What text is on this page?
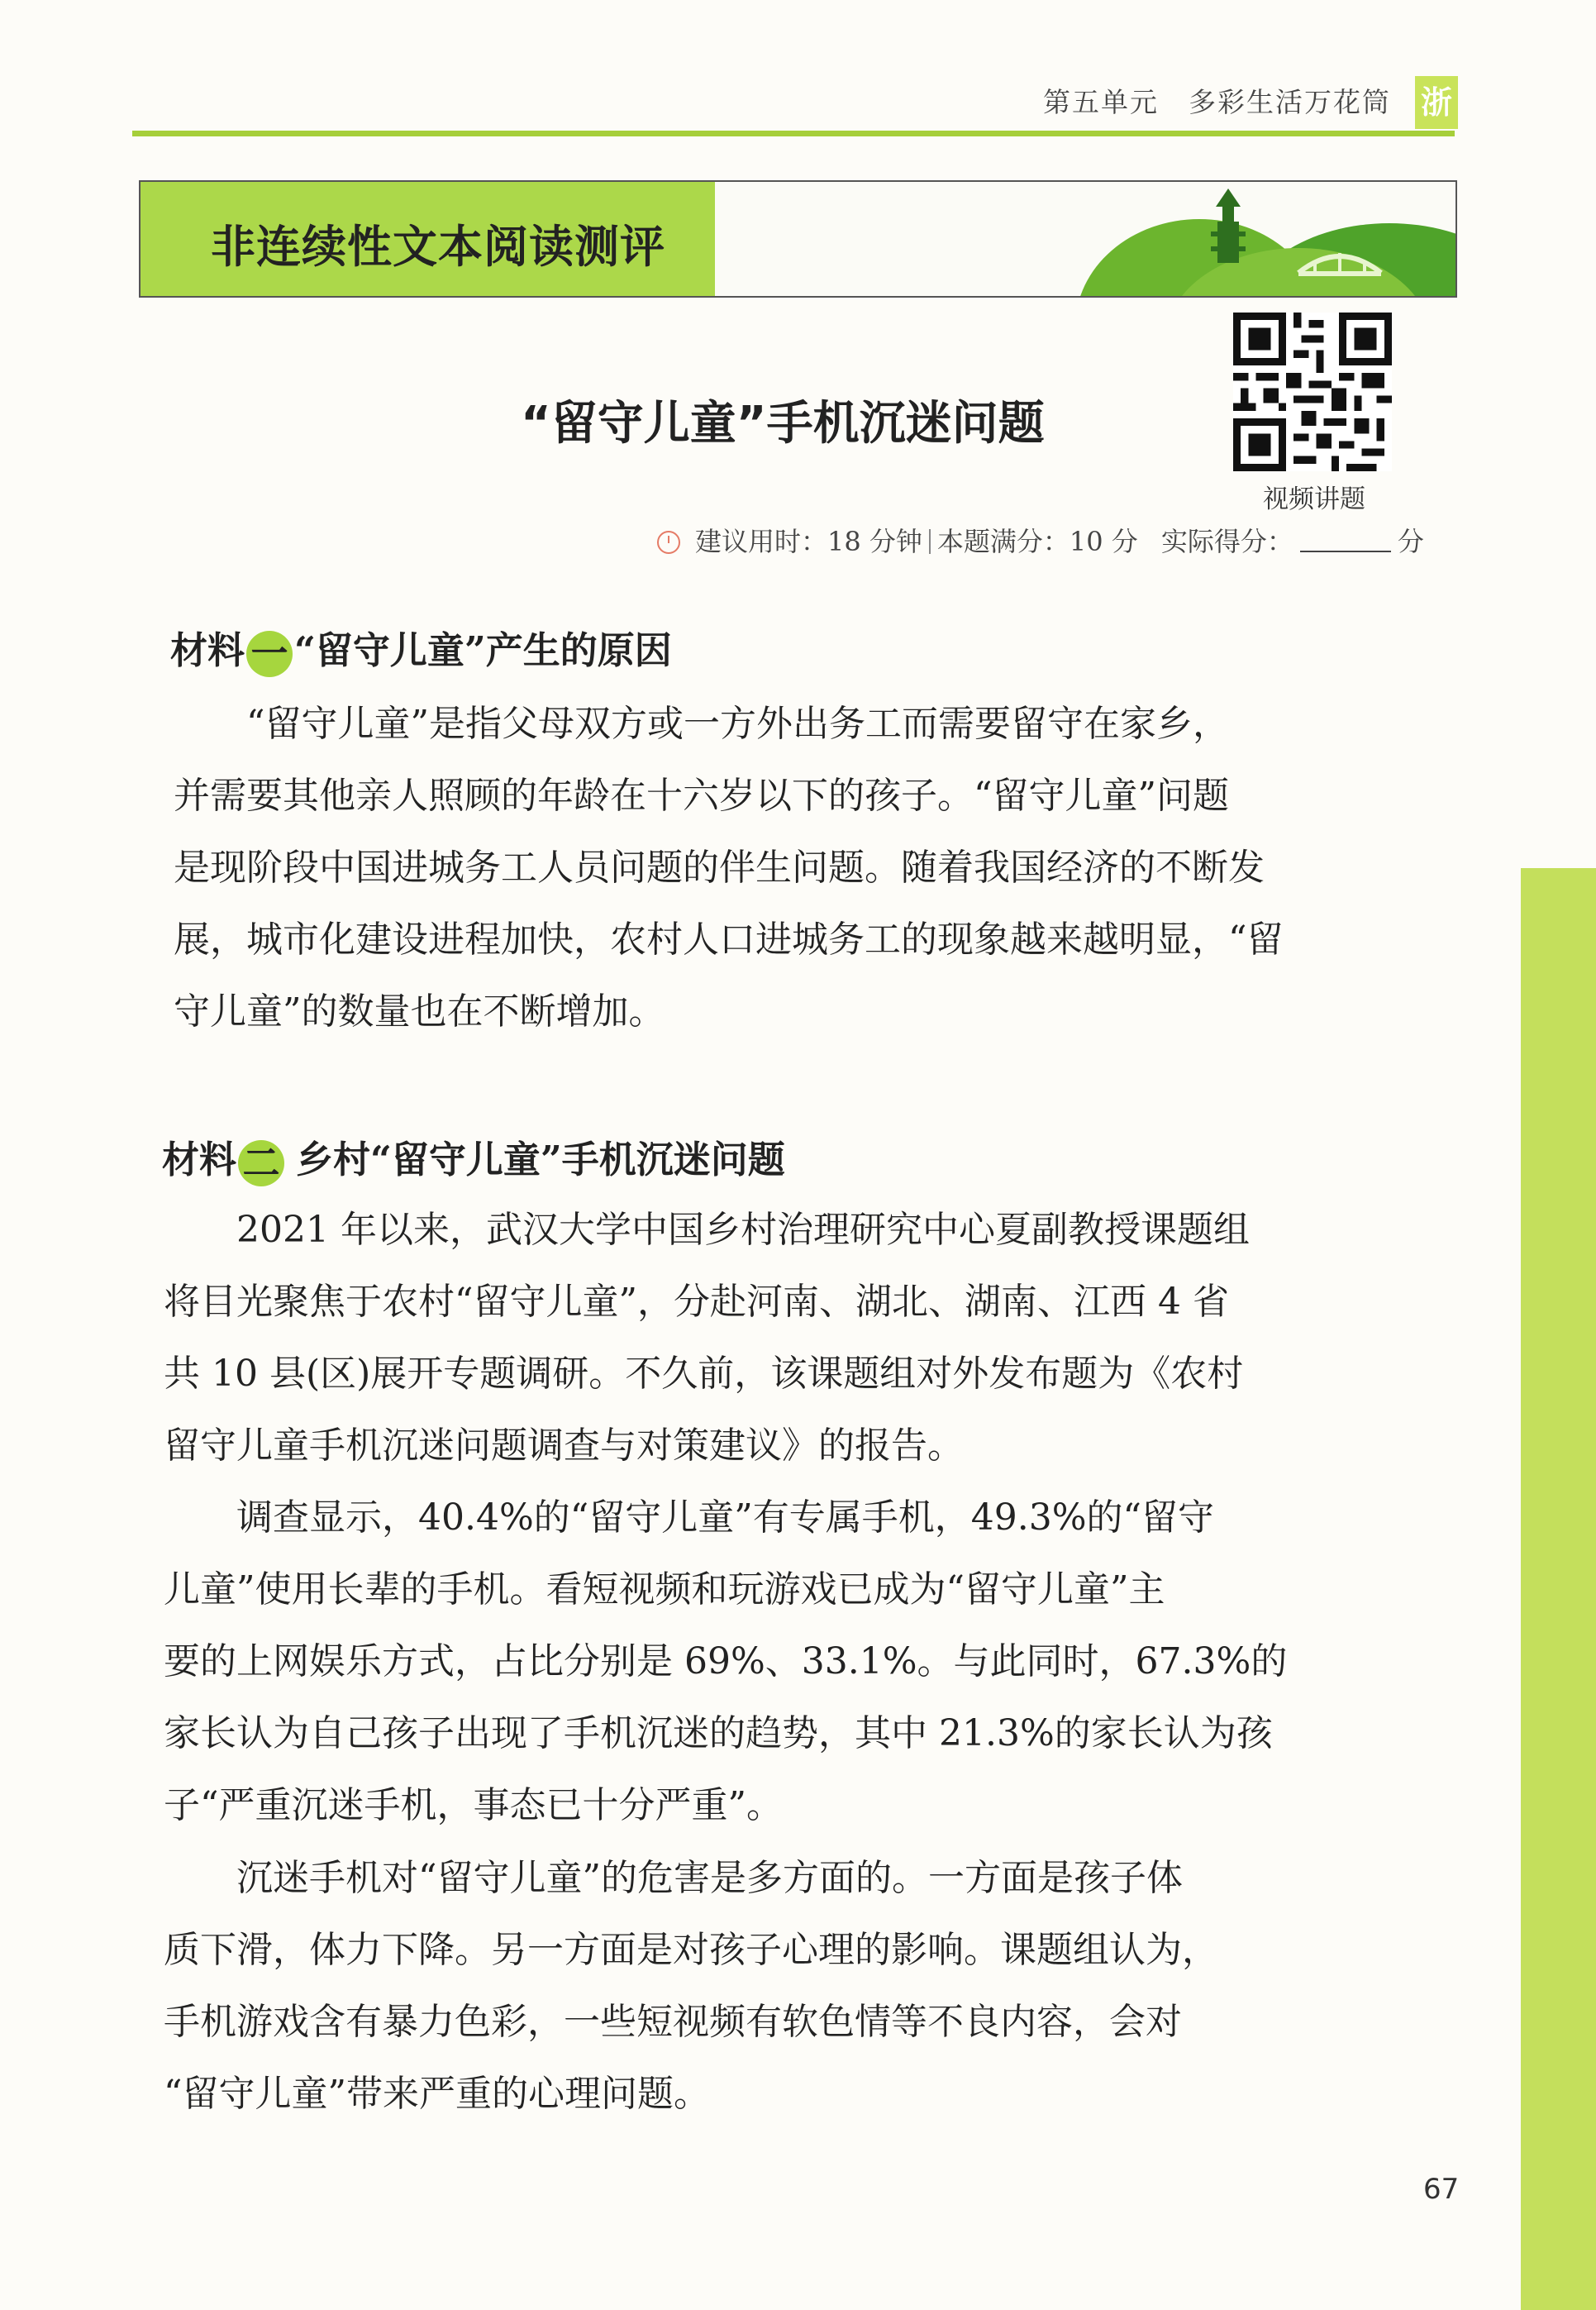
第五单元 多彩生活万花筒 浙
非连续性文本阅读测评
视频讲题
“留守儿童”手机沉迷问题
建议用时：18 分钟 本题满分：10 分 实际得分：	分
材料 一 “留守儿童”产生的原因
“留守儿童”是指父母双方或一方外出务工而需要留守在家乡，
并需要其他亲人照顾的年龄在十六岁以下的孩子。“留守儿童”问题
是现阶段中国进城务工人员问题的伴生问题。随着我国经济的不断发
展，城市化建设进程加快，农村人口进城务工的现象越来越明显，“留
守儿童”的数量也在不断增加。
材料 二 乡村“留守儿童”手机沉迷问题
2021 年以来，武汉大学中国乡村治理研究中心夏副教授课题组
将目光聚焦于农村“留守儿童”，分赴河南、湖北、湖南、江西 4 省
共 10 县(区)展开专题调研。不久前，该课题组对外发布题为《农村
留守儿童手机沉迷问题调查与对策建议》的报告。
调查显示，40.4%的“留守儿童”有专属手机，49.3%的“留守
儿童”使用长辈的手机。看短视频和玩游戏已成为“留守儿童”主
要的上网娱乐方式，占比分别是 69%、33.1%。与此同时，67.3%的
家长认为自己孩子出现了手机沉迷的趋势，其中 21.3%的家长认为孩
子“严重沉迷手机，事态已十分严重”。
沉迷手机对“留守儿童”的危害是多方面的。一方面是孩子体
质下滑，体力下降。另一方面是对孩子心理的影响。课题组认为，
手机游戏含有暴力色彩，一些短视频有软色情等不良内容，会对
“留守儿童”带来严重的心理问题。
67
